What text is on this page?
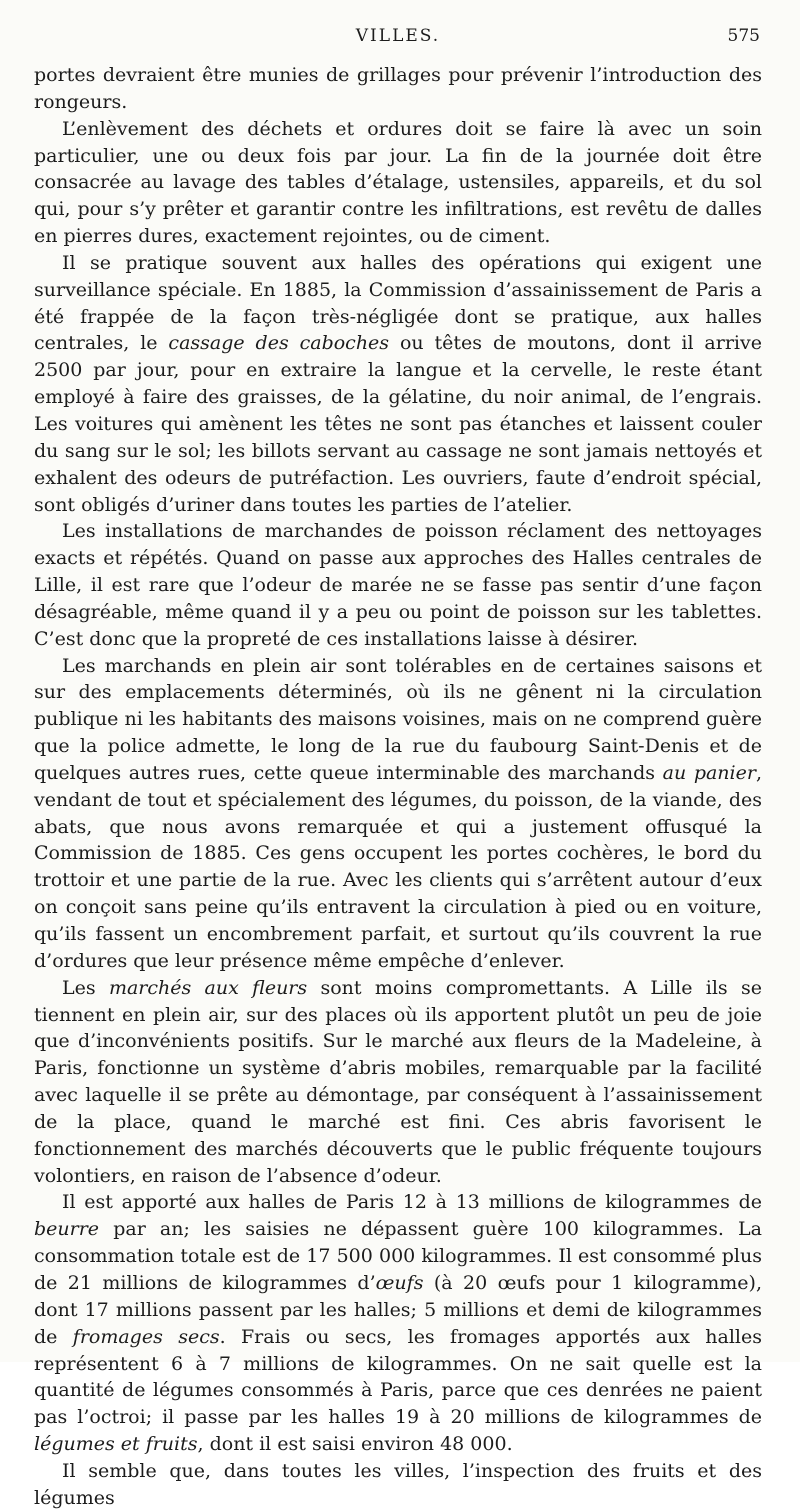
VILLES.	575

portes devraient être munies de grillages pour prévenir l’introduction des rongeurs.

L’enlèvement des déchets et ordures doit se faire là avec un soin particulier, une ou deux fois par jour. La fin de la journée doit être consacrée au lavage des tables d’étalage, ustensiles, appareils, et du sol qui, pour s’y prêter et garantir contre les infiltrations, est revêtu de dalles en pierres dures, exactement rejointes, ou de ciment.

Il se pratique souvent aux halles des opérations qui exigent une surveillance spéciale. En 1885, la Commission d’assainissement de Paris a été frappée de la façon très-négligée dont se pratique, aux halles centrales, le cassage des caboches ou têtes de moutons, dont il arrive 2500 par jour, pour en extraire la langue et la cervelle, le reste étant employé à faire des graisses, de la gélatine, du noir animal, de l’engrais. Les voitures qui amènent les têtes ne sont pas étanches et laissent couler du sang sur le sol; les billots servant au cassage ne sont jamais nettoyés et exhalent des odeurs de putréfaction. Les ouvriers, faute d’endroit spécial, sont obligés d’uriner dans toutes les parties de l’atelier.

Les installations de marchandes de poisson réclament des nettoyages exacts et répétés. Quand on passe aux approches des Halles centrales de Lille, il est rare que l’odeur de marée ne se fasse pas sentir d’une façon désagréable, même quand il y a peu ou point de poisson sur les tablettes. C’est donc que la propreté de ces installations laisse à désirer.

Les marchands en plein air sont tolérables en de certaines saisons et sur des emplacements déterminés, où ils ne gênent ni la circulation publique ni les habitants des maisons voisines, mais on ne comprend guère que la police admette, le long de la rue du faubourg Saint-Denis et de quelques autres rues, cette queue interminable des marchands au panier, vendant de tout et spécialement des légumes, du poisson, de la viande, des abats, que nous avons remarquée et qui a justement offusqué la Commission de 1885. Ces gens occupent les portes cochères, le bord du trottoir et une partie de la rue. Avec les clients qui s’arrêtent autour d’eux on conçoit sans peine qu’ils entravent la circulation à pied ou en voiture, qu’ils fassent un encombrement parfait, et surtout qu’ils couvrent la rue d’ordures que leur présence même empêche d’enlever.

Les marchés aux fleurs sont moins compromettants. A Lille ils se tiennent en plein air, sur des places où ils apportent plutôt un peu de joie que d’inconvénients positifs. Sur le marché aux fleurs de la Madeleine, à Paris, fonctionne un système d’abris mobiles, remarquable par la facilité avec laquelle il se prête au démontage, par conséquent à l’assainissement de la place, quand le marché est fini. Ces abris favorisent le fonctionnement des marchés découverts que le public fréquente toujours volontiers, en raison de l’absence d’odeur.

Il est apporté aux halles de Paris 12 à 13 millions de kilogrammes de beurre par an; les saisies ne dépassent guère 100 kilogrammes. La consommation totale est de 17 500 000 kilogrammes. Il est consommé plus de 21 millions de kilogrammes d’œufs (à 20 œufs pour 1 kilogramme), dont 17 millions passent par les halles; 5 millions et demi de kilogrammes de fromages secs. Frais ou secs, les fromages apportés aux halles représentent 6 à 7 millions de kilogrammes. On ne sait quelle est la quantité de légumes consommés à Paris, parce que ces denrées ne paient pas l’octroi; il passe par les halles 19 à 20 millions de kilogrammes de légumes et fruits, dont il est saisi environ 48 000.

Il semble que, dans toutes les villes, l’inspection des fruits et des légumes
